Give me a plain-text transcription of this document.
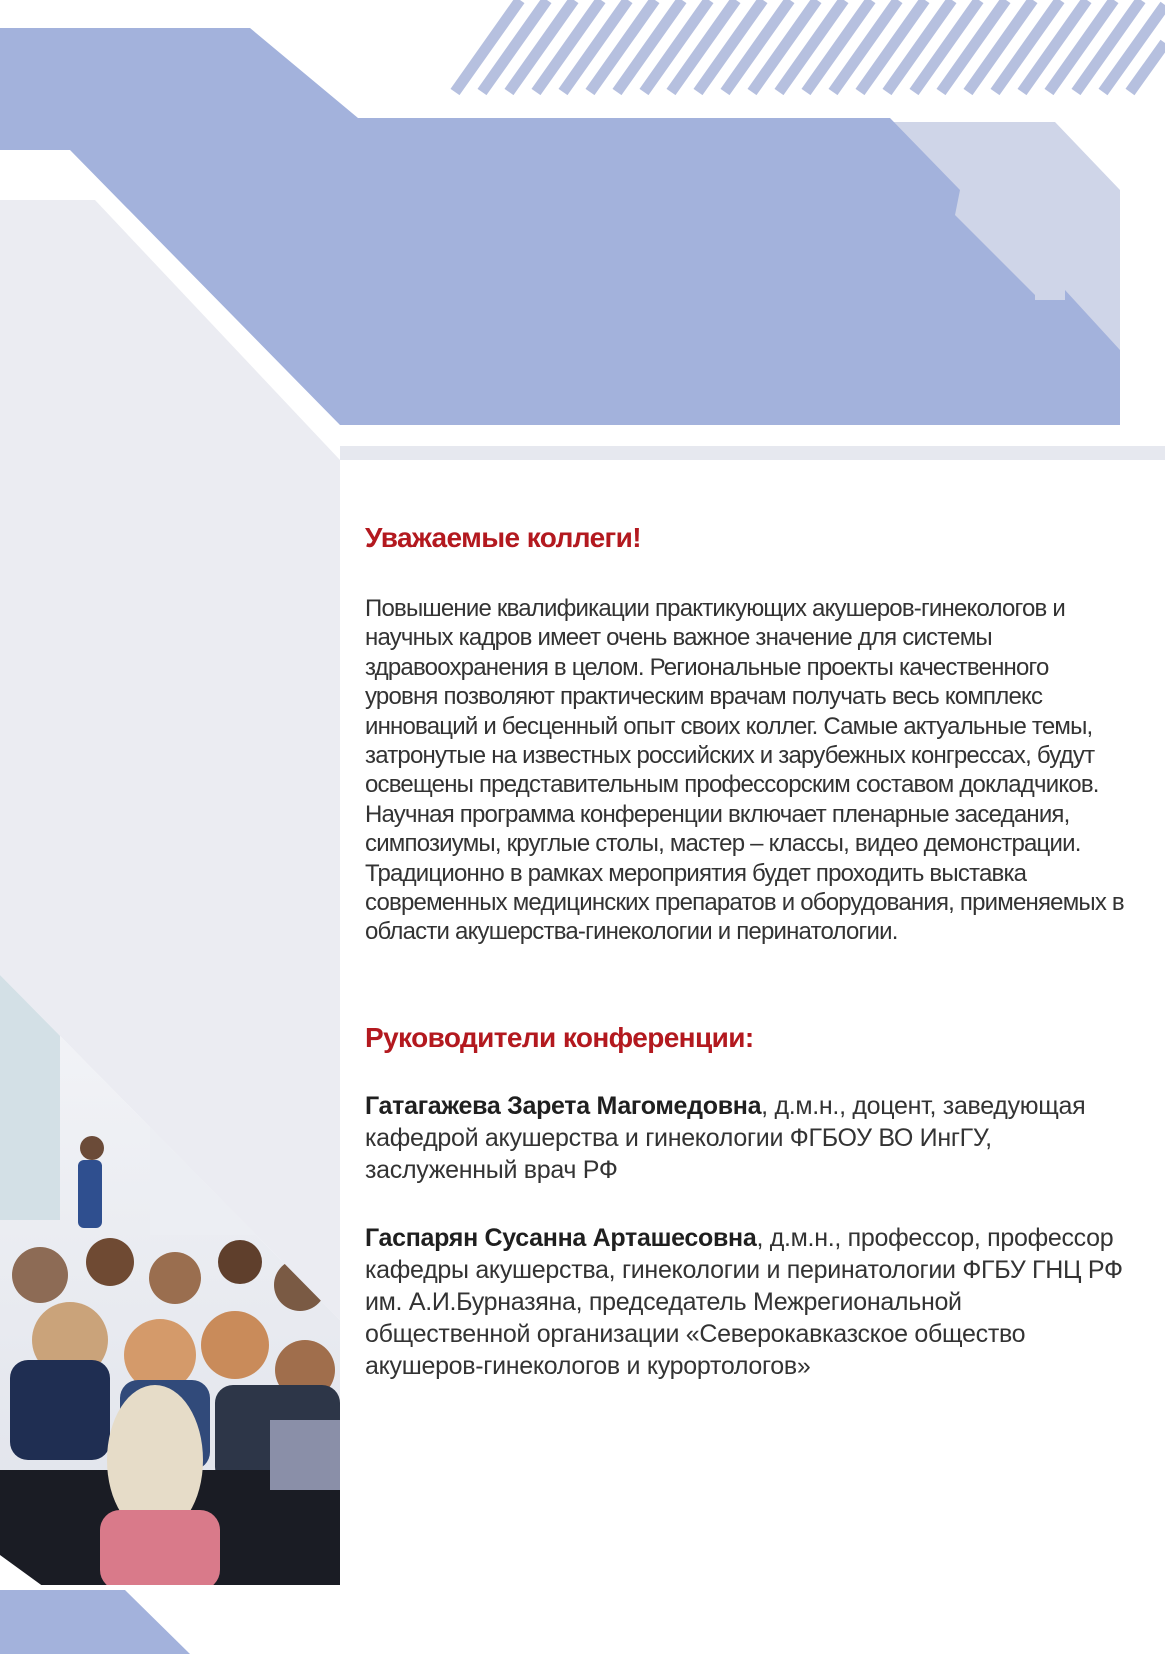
Уважаемые коллеги!

Повышение квалификации практикующих акушеров-гинекологов и научных кадров имеет очень важное значение для системы здравоохранения в целом. Региональные проекты качественного уровня позволяют практическим врачам получать весь комплекс инноваций и бесценный опыт своих коллег. Самые актуальные темы, затронутые на известных российских и зарубежных конгрессах, будут освещены представительным профессорским составом докладчиков. Научная программа конференции включает пленарные заседания, симпозиумы, круглые столы, мастер – классы, видео демонстрации.

Традиционно в рамках мероприятия будет проходить выставка современных медицинских препаратов и оборудования, применяемых в области акушерства-гинекологии и перинатологии.

Руководители конференции:
Гатагажева Зарета Магомедовна, д.м.н., доцент, заведующая кафедрой акушерства и гинекологии ФГБОУ ВО ИнгГУ, заслуженный врач РФ
Гаспарян Сусанна Арташесовна, д.м.н., профессор, профессор кафедры акушерства, гинекологии и перинатологии ФГБУ ГНЦ РФ им. А.И.Бурназяна, председатель Межрегиональной общественной организации «Северокавказское общество акушеров-гинекологов и курортологов»
